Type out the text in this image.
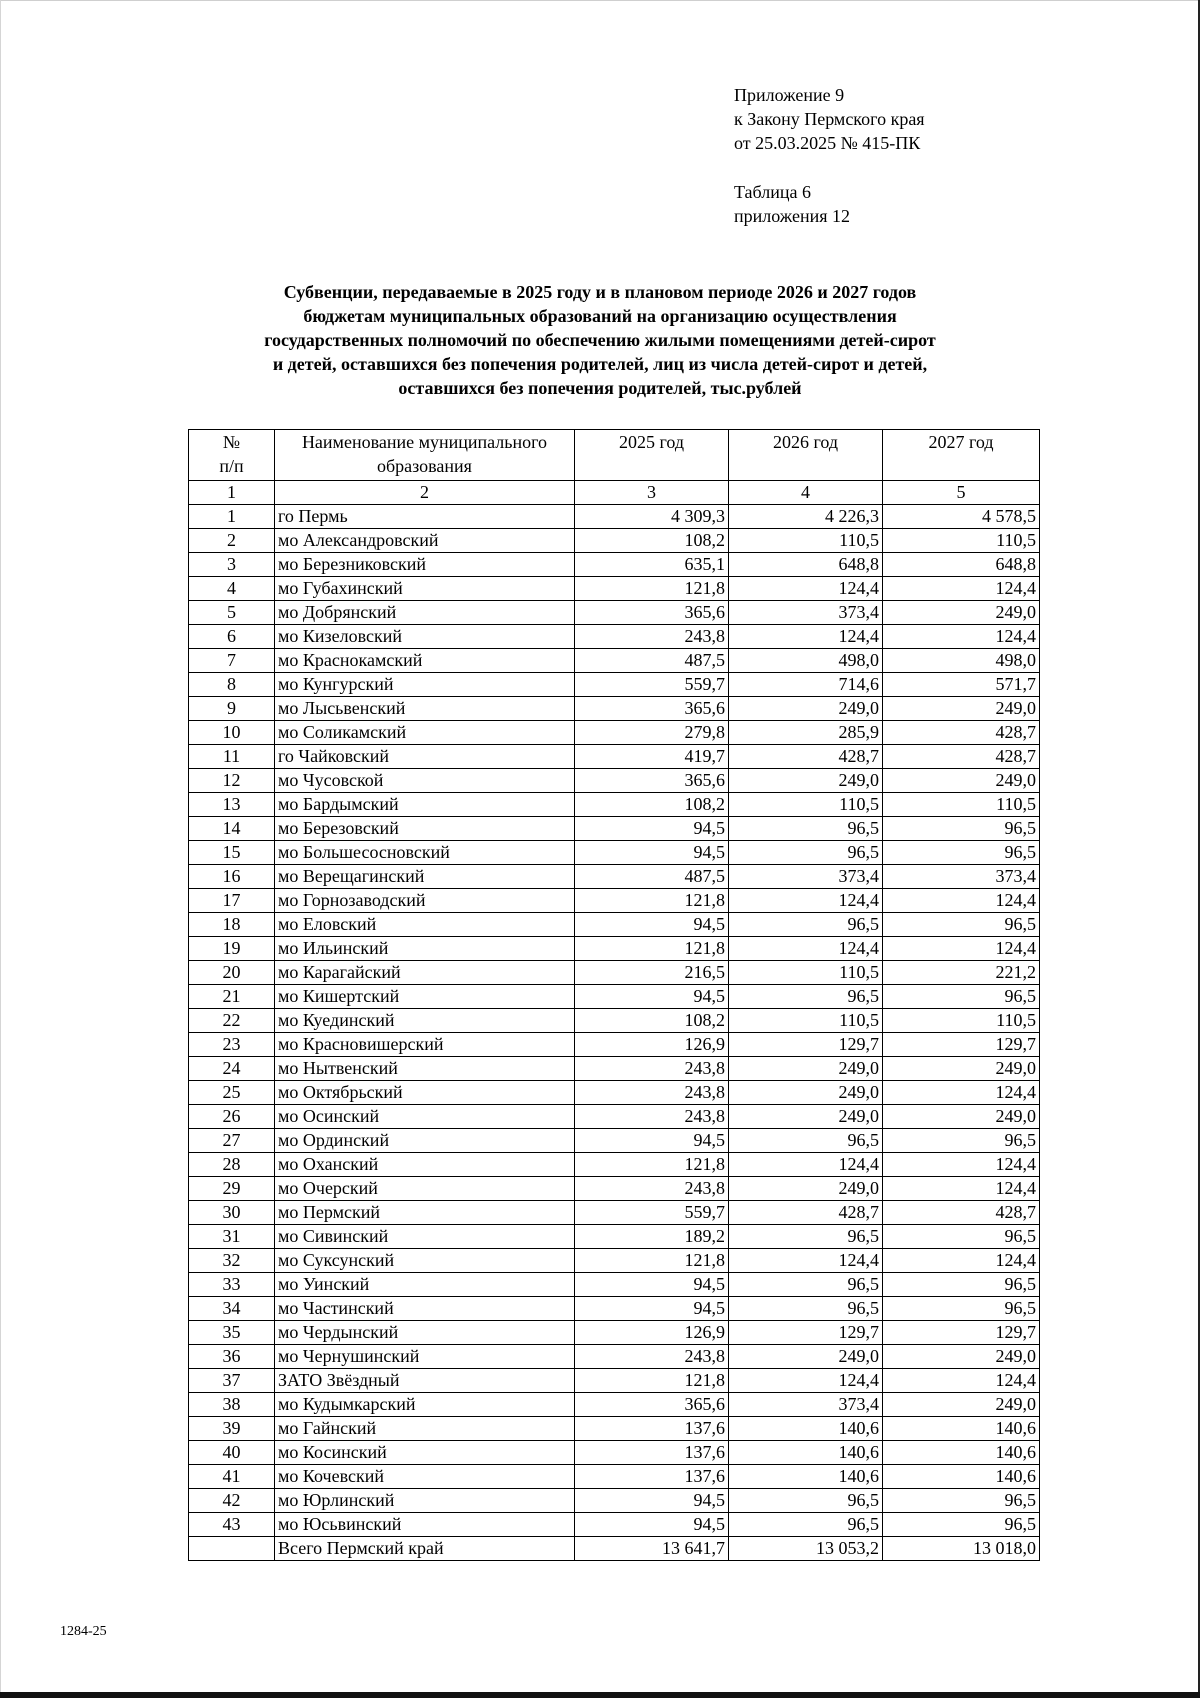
Приложение 9
к Закону Пермского края
от 25.03.2025 № 415-ПК
Таблица 6
приложения 12
Субвенции, передаваемые в 2025 году и в плановом периоде 2026 и 2027 годов
бюджетам муниципальных образований на организацию осуществления
государственных полномочий по обеспечению жилыми помещениями детей-сирот
и детей, оставшихся без попечения родителей, лиц из числа детей-сирот и детей,
оставшихся без попечения родителей, тыс.рублей
№
п/п	Наименование муниципального образования	2025 год	2026 год	2027 год
1	2	3	4	5
1	го Пермь	4 309,3	4 226,3	4 578,5
2	мо Александровский	108,2	110,5	110,5
3	мо Березниковский	635,1	648,8	648,8
4	мо Губахинский	121,8	124,4	124,4
5	мо Добрянский	365,6	373,4	249,0
6	мо Кизеловский	243,8	124,4	124,4
7	мо Краснокамский	487,5	498,0	498,0
8	мо Кунгурский	559,7	714,6	571,7
9	мо Лысьвенский	365,6	249,0	249,0
10	мо Соликамский	279,8	285,9	428,7
11	го Чайковский	419,7	428,7	428,7
12	мо Чусовской	365,6	249,0	249,0
13	мо Бардымский	108,2	110,5	110,5
14	мо Березовский	94,5	96,5	96,5
15	мо Большесосновский	94,5	96,5	96,5
16	мо Верещагинский	487,5	373,4	373,4
17	мо Горнозаводский	121,8	124,4	124,4
18	мо Еловский	94,5	96,5	96,5
19	мо Ильинский	121,8	124,4	124,4
20	мо Карагайский	216,5	110,5	221,2
21	мо Кишертский	94,5	96,5	96,5
22	мо Куединский	108,2	110,5	110,5
23	мо Красновишерский	126,9	129,7	129,7
24	мо Нытвенский	243,8	249,0	249,0
25	мо Октябрьский	243,8	249,0	124,4
26	мо Осинский	243,8	249,0	249,0
27	мо Ординский	94,5	96,5	96,5
28	мо Оханский	121,8	124,4	124,4
29	мо Очерский	243,8	249,0	124,4
30	мо Пермский	559,7	428,7	428,7
31	мо Сивинский	189,2	96,5	96,5
32	мо Суксунский	121,8	124,4	124,4
33	мо Уинский	94,5	96,5	96,5
34	мо Частинский	94,5	96,5	96,5
35	мо Чердынский	126,9	129,7	129,7
36	мо Чернушинский	243,8	249,0	249,0
37	ЗАТО Звёздный	121,8	124,4	124,4
38	мо Кудымкарский	365,6	373,4	249,0
39	мо Гайнский	137,6	140,6	140,6
40	мо Косинский	137,6	140,6	140,6
41	мо Кочевский	137,6	140,6	140,6
42	мо Юрлинский	94,5	96,5	96,5
43	мо Юсьвинский	94,5	96,5	96,5
	Всего Пермский край	13 641,7	13 053,2	13 018,0
1284-25
